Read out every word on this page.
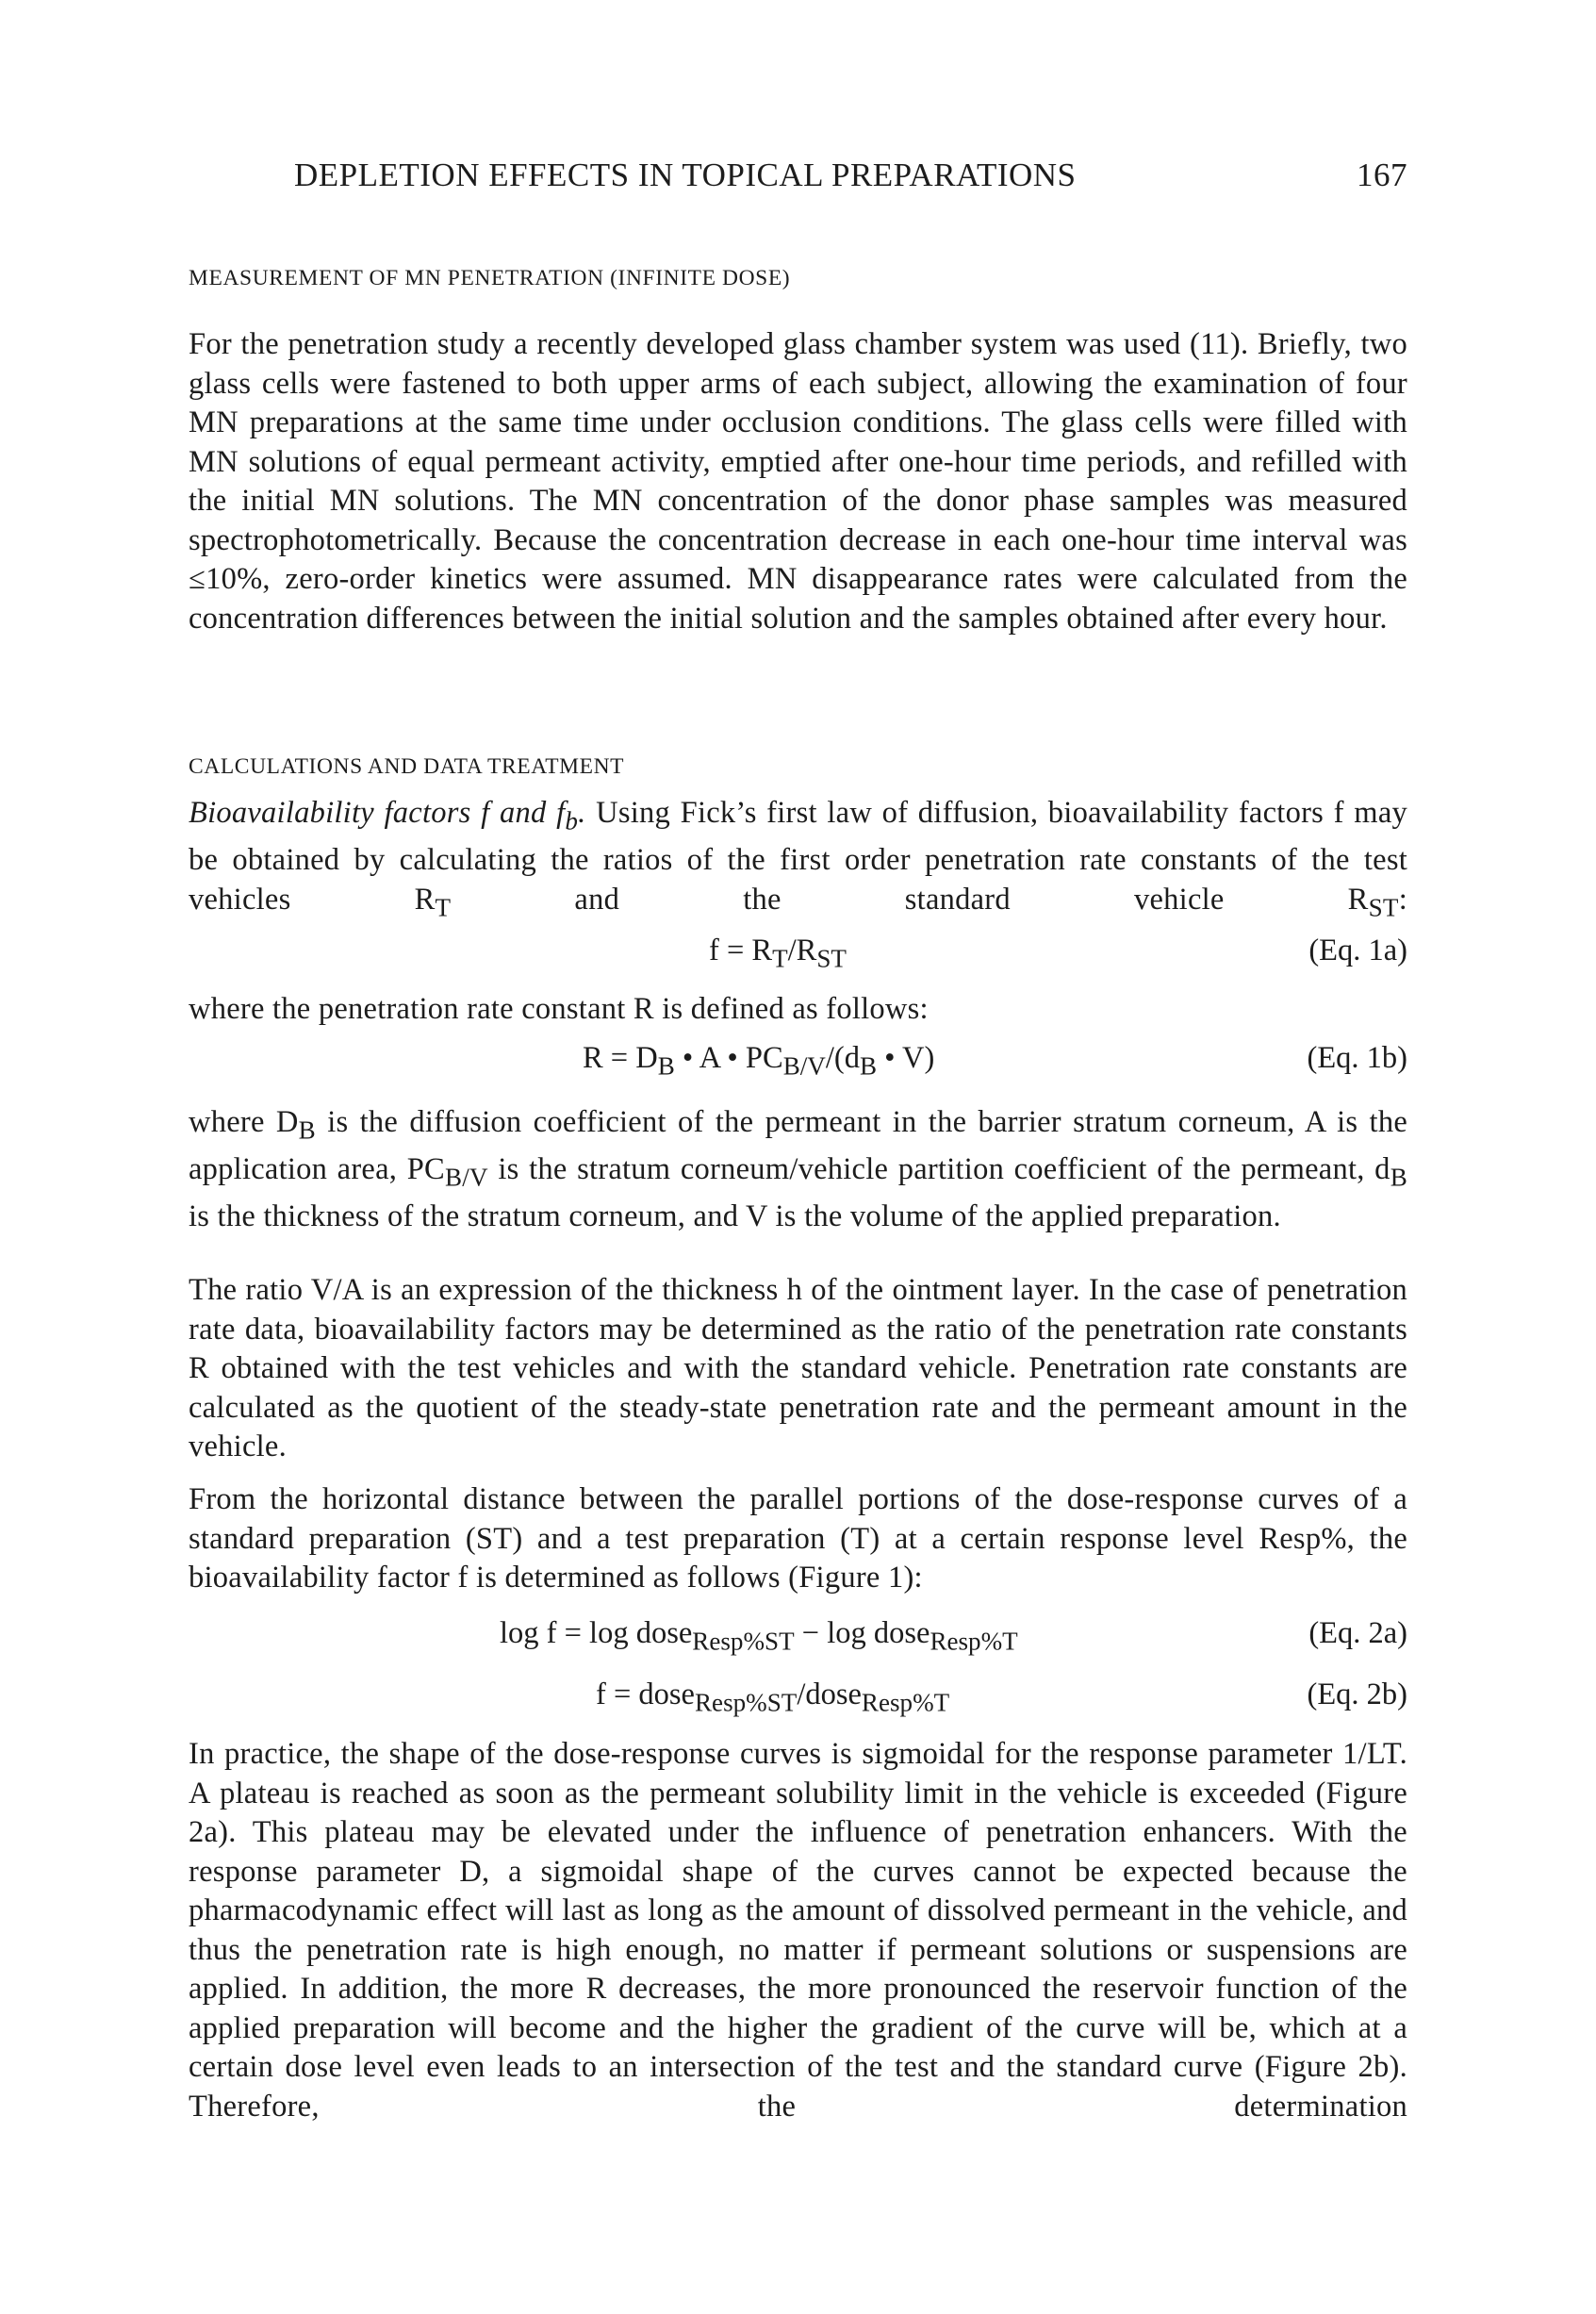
DEPLETION EFFECTS IN TOPICAL PREPARATIONS	167
MEASUREMENT OF MN PENETRATION (INFINITE DOSE)

For the penetration study a recently developed glass chamber system was used (11). Briefly, two glass cells were fastened to both upper arms of each subject, allowing the examination of four MN preparations at the same time under occlusion conditions. The glass cells were filled with MN solutions of equal permeant activity, emptied after one-hour time periods, and refilled with the initial MN solutions. The MN concentration of the donor phase samples was measured spectrophotometrically. Because the concentration decrease in each one-hour time interval was ≤10%, zero-order kinetics were assumed. MN disappearance rates were calculated from the concentration differences between the initial solution and the samples obtained after every hour.

CALCULATIONS AND DATA TREATMENT

Bioavailability factors f and $f_b$. Using Fick’s first law of diffusion, bioavailability factors f may be obtained by calculating the ratios of the first order penetration rate constants of the test vehicles $R_T$ and the standard vehicle $R_{ST}$:

$f = R_T/R_{ST}$	(Eq. 1a)

where the penetration rate constant R is defined as follows:

$R = D_B$ • A • $PC_{B/V}/(d_B$ • V)	(Eq. 1b)

where $D_B$ is the diffusion coefficient of the permeant in the barrier stratum corneum, A is the application area, $PC_{B/V}$ is the stratum corneum/vehicle partition coefficient of the permeant, $d_B$ is the thickness of the stratum corneum, and V is the volume of the applied preparation.

The ratio V/A is an expression of the thickness h of the ointment layer. In the case of penetration rate data, bioavailability factors may be determined as the ratio of the penetration rate constants R obtained with the test vehicles and with the standard vehicle. Penetration rate constants are calculated as the quotient of the steady-state penetration rate and the permeant amount in the vehicle.

From the horizontal distance between the parallel portions of the dose-response curves of a standard preparation (ST) and a test preparation (T) at a certain response level Resp%, the bioavailability factor f is determined as follows (Figure 1):

log f = log dose$_{Resp\%ST}$ − log dose$_{Resp\%T}$	(Eq. 2a)
f = dose$_{Resp\%ST}$/dose$_{Resp\%T}$	(Eq. 2b)

In practice, the shape of the dose-response curves is sigmoidal for the response parameter 1/LT. A plateau is reached as soon as the permeant solubility limit in the vehicle is exceeded (Figure 2a). This plateau may be elevated under the influence of penetration enhancers. With the response parameter D, a sigmoidal shape of the curves cannot be expected because the pharmacodynamic effect will last as long as the amount of dissolved permeant in the vehicle, and thus the penetration rate is high enough, no matter if permeant solutions or suspensions are applied. In addition, the more R decreases, the more pronounced the reservoir function of the applied preparation will become and the higher the gradient of the curve will be, which at a certain dose level even leads to an intersection of the test and the standard curve (Figure 2b). Therefore, the determination
